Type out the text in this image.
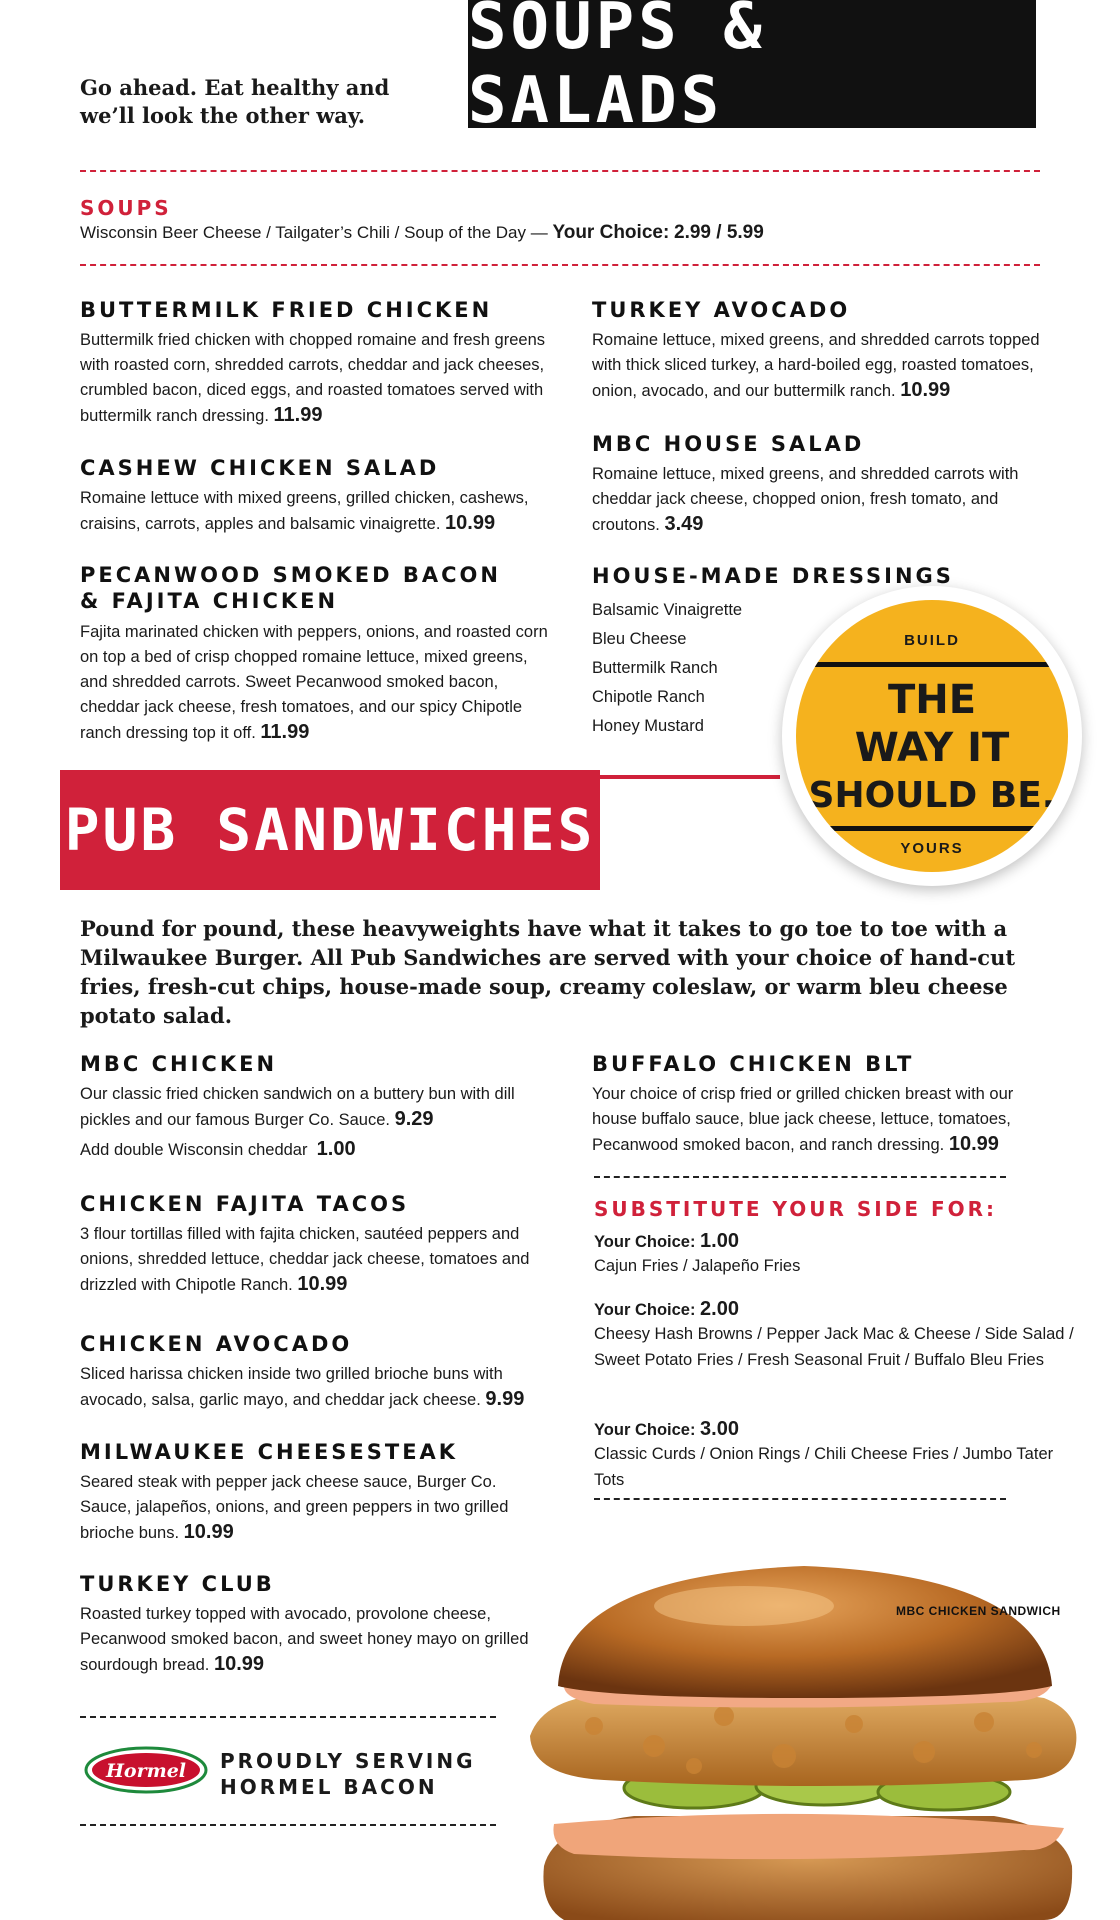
Go ahead. Eat healthy and we’ll look the other way.
SOUPS & SALADS
SOUPS
Wisconsin Beer Cheese / Tailgater’s Chili / Soup of the Day — Your Choice: 2.99 / 5.99
BUTTERMILK FRIED CHICKEN
Buttermilk fried chicken with chopped romaine and fresh greens with roasted corn, shredded carrots, cheddar and jack cheeses, crumbled bacon, diced eggs, and roasted tomatoes served with buttermilk ranch dressing. 11.99
CASHEW CHICKEN SALAD
Romaine lettuce with mixed greens, grilled chicken, cashews, craisins, carrots, apples and balsamic vinaigrette. 10.99
PECANWOOD SMOKED BACON & FAJITA CHICKEN
Fajita marinated chicken with peppers, onions, and roasted corn on top a bed of crisp chopped romaine lettuce, mixed greens, and shredded carrots. Sweet Pecanwood smoked bacon, cheddar jack cheese, fresh tomatoes, and our spicy Chipotle ranch dressing top it off. 11.99
TURKEY AVOCADO
Romaine lettuce, mixed greens, and shredded carrots topped with thick sliced turkey, a hard-boiled egg, roasted tomatoes, onion, avocado, and our buttermilk ranch. 10.99
MBC HOUSE SALAD
Romaine lettuce, mixed greens, and shredded carrots with cheddar jack cheese, chopped onion, fresh tomato, and croutons. 3.49
HOUSE-MADE DRESSINGS
Balsamic Vinaigrette
Bleu Cheese
Buttermilk Ranch
Chipotle Ranch
Honey Mustard
PUB SANDWICHES
BUILD
THE
WAY IT
SHOULD BE.
YOURS
Pound for pound, these heavyweights have what it takes to go toe to toe with a Milwaukee Burger. All Pub Sandwiches are served with your choice of hand-cut fries, fresh-cut chips, house-made soup, creamy coleslaw, or warm bleu cheese potato salad.
MBC CHICKEN
Our classic fried chicken sandwich on a buttery bun with dill pickles and our famous Burger Co. Sauce. 9.29
Add double Wisconsin cheddar 1.00
CHICKEN FAJITA TACOS
3 flour tortillas filled with fajita chicken, sautéed peppers and onions, shredded lettuce, cheddar jack cheese, tomatoes and drizzled with Chipotle Ranch. 10.99
CHICKEN AVOCADO
Sliced harissa chicken inside two grilled brioche buns with avocado, salsa, garlic mayo, and cheddar jack cheese. 9.99
MILWAUKEE CHEESESTEAK
Seared steak with pepper jack cheese sauce, Burger Co. Sauce, jalapeños, onions, and green peppers in two grilled brioche buns. 10.99
TURKEY CLUB
Roasted turkey topped with avocado, provolone cheese, Pecanwood smoked bacon, and sweet honey mayo on grilled sourdough bread. 10.99
BUFFALO CHICKEN BLT
Your choice of crisp fried or grilled chicken breast with our house buffalo sauce, blue jack cheese, lettuce, tomatoes, Pecanwood smoked bacon, and ranch dressing. 10.99
SUBSTITUTE YOUR SIDE FOR:
Your Choice: 1.00
Cajun Fries / Jalapeño Fries
Your Choice: 2.00
Cheesy Hash Browns / Pepper Jack Mac & Cheese / Side Salad / Sweet Potato Fries / Fresh Seasonal Fruit / Buffalo Bleu Fries
Your Choice: 3.00
Classic Curds / Onion Rings / Chili Cheese Fries / Jumbo Tater Tots
Hormel PROUDLY SERVING
HORMEL BACON
MBC CHICKEN SANDWICH
